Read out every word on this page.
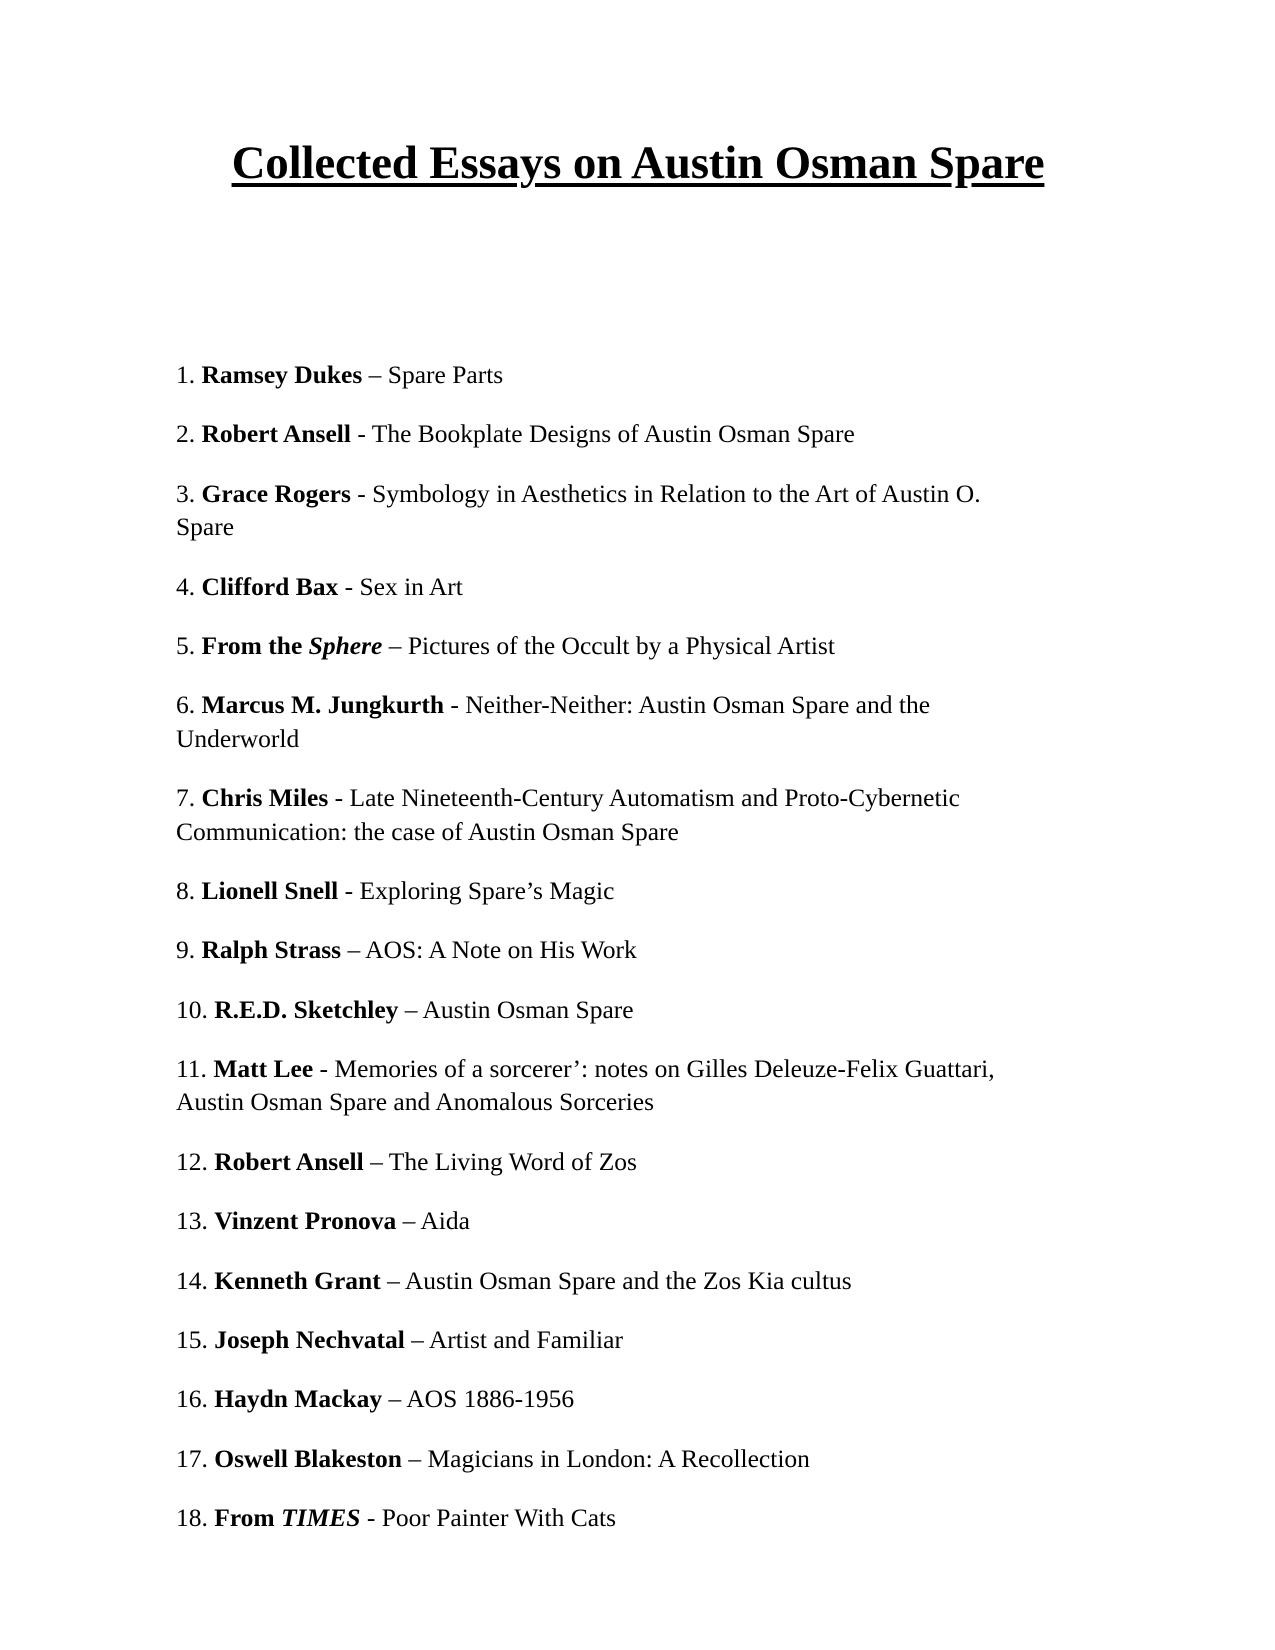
Collected Essays on Austin Osman Spare
1. Ramsey Dukes – Spare Parts
2. Robert Ansell - The Bookplate Designs of Austin Osman Spare
3. Grace Rogers - Symbology in Aesthetics in Relation to the Art of Austin O. Spare
4. Clifford Bax - Sex in Art
5. From the Sphere – Pictures of the Occult by a Physical Artist
6. Marcus M. Jungkurth - Neither-Neither: Austin Osman Spare and the Underworld
7. Chris Miles - Late Nineteenth-Century Automatism and Proto-Cybernetic Communication: the case of Austin Osman Spare
8. Lionell Snell - Exploring Spare’s Magic
9. Ralph Strass – AOS: A Note on His Work
10. R.E.D. Sketchley – Austin Osman Spare
11. Matt Lee - Memories of a sorcerer’: notes on Gilles Deleuze-Felix Guattari, Austin Osman Spare and Anomalous Sorceries
12. Robert Ansell – The Living Word of Zos
13. Vinzent Pronova – Aida
14. Kenneth Grant – Austin Osman Spare and the Zos Kia cultus
15. Joseph Nechvatal – Artist and Familiar
16. Haydn Mackay – AOS 1886-1956
17. Oswell Blakeston – Magicians in London: A Recollection
18. From TIMES - Poor Painter With Cats
